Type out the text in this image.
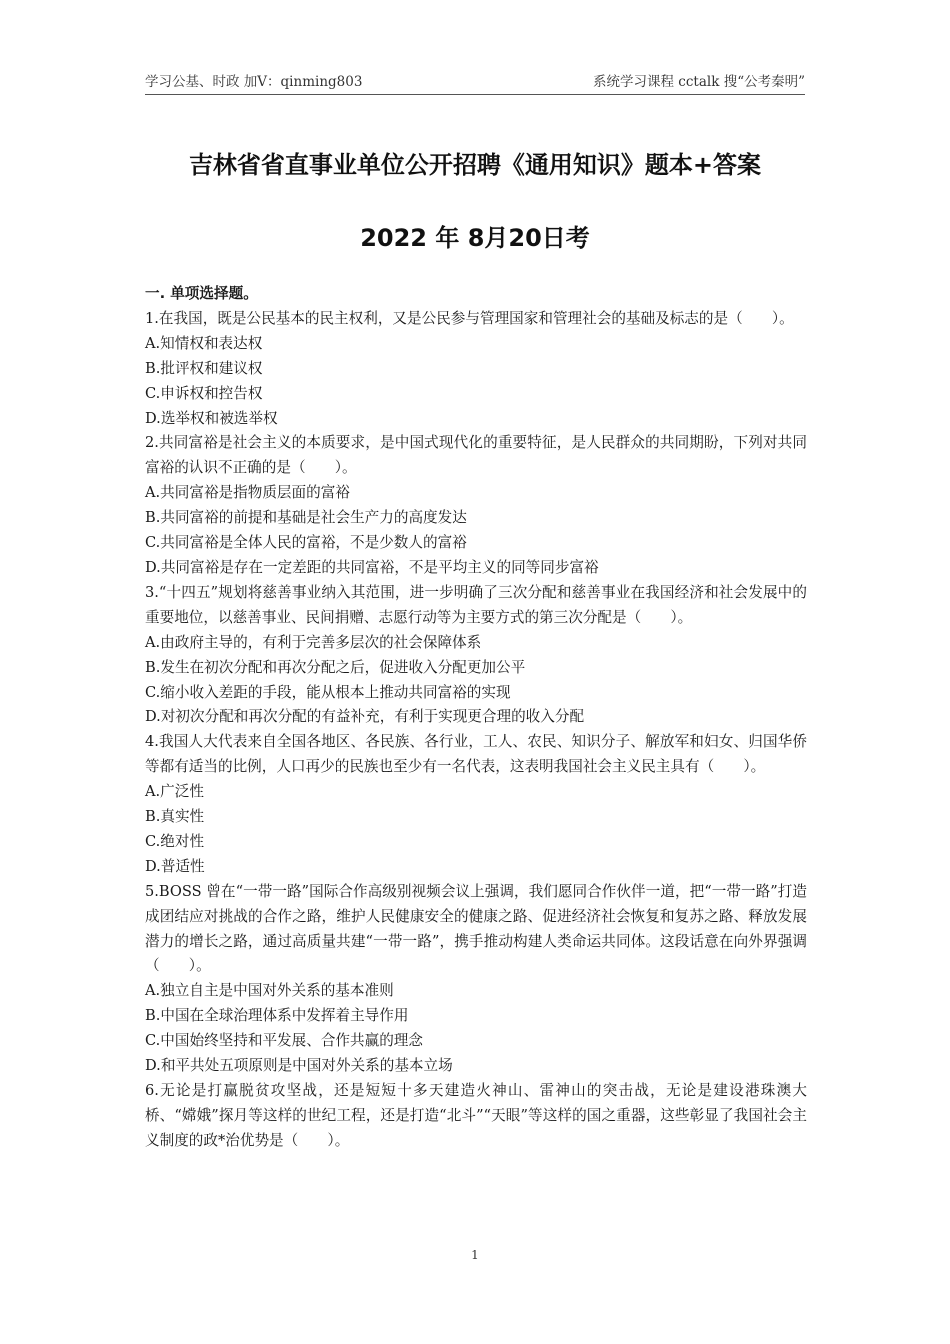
学习公基、时政 加V：qinming803	系统学习课程 cctalk 搜“公考秦明”
吉林省省直事业单位公开招聘《通用知识》题本+答案
2022 年 8月20日考

一. 单项选择题。

1.在我国，既是公民基本的民主权利，又是公民参与管理国家和管理社会的基础及标志的是（　　）。

A.知情权和表达权

B.批评权和建议权

C.申诉权和控告权

D.选举权和被选举权

2.共同富裕是社会主义的本质要求，是中国式现代化的重要特征，是人民群众的共同期盼，下列对共同富裕的认识不正确的是（　　）。

A.共同富裕是指物质层面的富裕

B.共同富裕的前提和基础是社会生产力的高度发达

C.共同富裕是全体人民的富裕，不是少数人的富裕

D.共同富裕是存在一定差距的共同富裕，不是平均主义的同等同步富裕

3.“十四五”规划将慈善事业纳入其范围，进一步明确了三次分配和慈善事业在我国经济和社会发展中的重要地位，以慈善事业、民间捐赠、志愿行动等为主要方式的第三次分配是（　　）。

A.由政府主导的，有利于完善多层次的社会保障体系

B.发生在初次分配和再次分配之后，促进收入分配更加公平

C.缩小收入差距的手段，能从根本上推动共同富裕的实现

D.对初次分配和再次分配的有益补充，有利于实现更合理的收入分配

4.我国人大代表来自全国各地区、各民族、各行业，工人、农民、知识分子、解放军和妇女、归国华侨等都有适当的比例，人口再少的民族也至少有一名代表，这表明我国社会主义民主具有（　　）。

A.广泛性

B.真实性

C.绝对性

D.普适性

5.BOSS 曾在“一带一路”国际合作高级别视频会议上强调，我们愿同合作伙伴一道，把“一带一路”打造成团结应对挑战的合作之路，维护人民健康安全的健康之路、促进经济社会恢复和复苏之路、释放发展潜力的增长之路，通过高质量共建“一带一路”，携手推动构建人类命运共同体。这段话意在向外界强调（　　）。

A.独立自主是中国对外关系的基本准则

B.中国在全球治理体系中发挥着主导作用

C.中国始终坚持和平发展、合作共赢的理念

D.和平共处五项原则是中国对外关系的基本立场

6.无论是打赢脱贫攻坚战，还是短短十多天建造火神山、雷神山的突击战，无论是建设港珠澳大桥、“嫦娥”探月等这样的世纪工程，还是打造“北斗”“天眼”等这样的国之重器，这些彰显了我国社会主义制度的政*治优势是（　　）。

1
